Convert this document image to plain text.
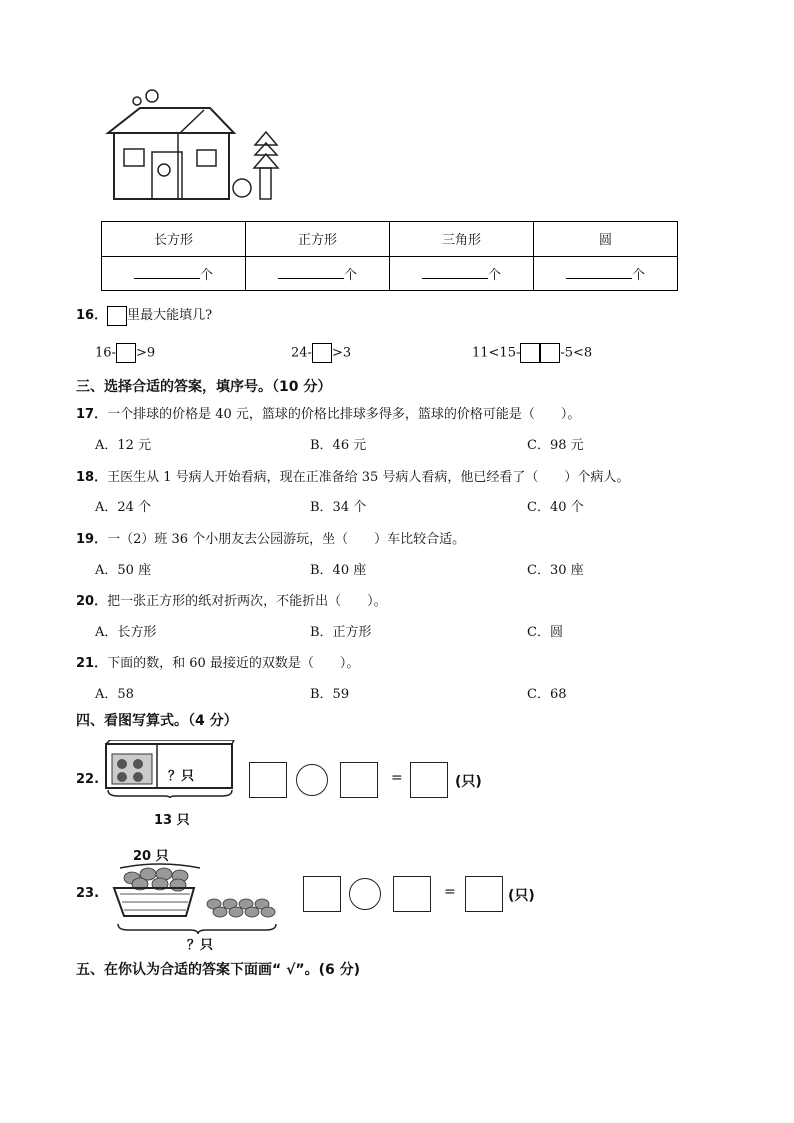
长方形	正方形	三角形	圆
个	个	个	个
16． 里最大能填几?
16- >9	24- >3	11<15-	-5<8
三、选择合适的答案，填序号。（10 分）
17．一个排球的价格是 40 元，篮球的价格比排球多得多，篮球的价格可能是（　　）。
A．12 元	B．46 元	C．98 元
18．王医生从 1 号病人开始看病，现在正准备给 35 号病人看病，他已经看了（　　）个病人。
A．24 个	B．34 个	C．40 个
19．一（2）班 36 个小朋友去公园游玩，坐（　　）车比较合适。
A．50 座	B．40 座	C．30 座
20．把一张正方形的纸对折两次，不能折出（　　）。
A．长方形	B．正方形	C．圆
21．下面的数，和 60 最接近的双数是（　　）。
A．58	B．59	C．68
四、看图写算式。（4 分）
22.	？只
13 只
=	(只)
20 只
23.
？只
=	(只)
五、在你认为合适的答案下面画“ √”。(6 分)
